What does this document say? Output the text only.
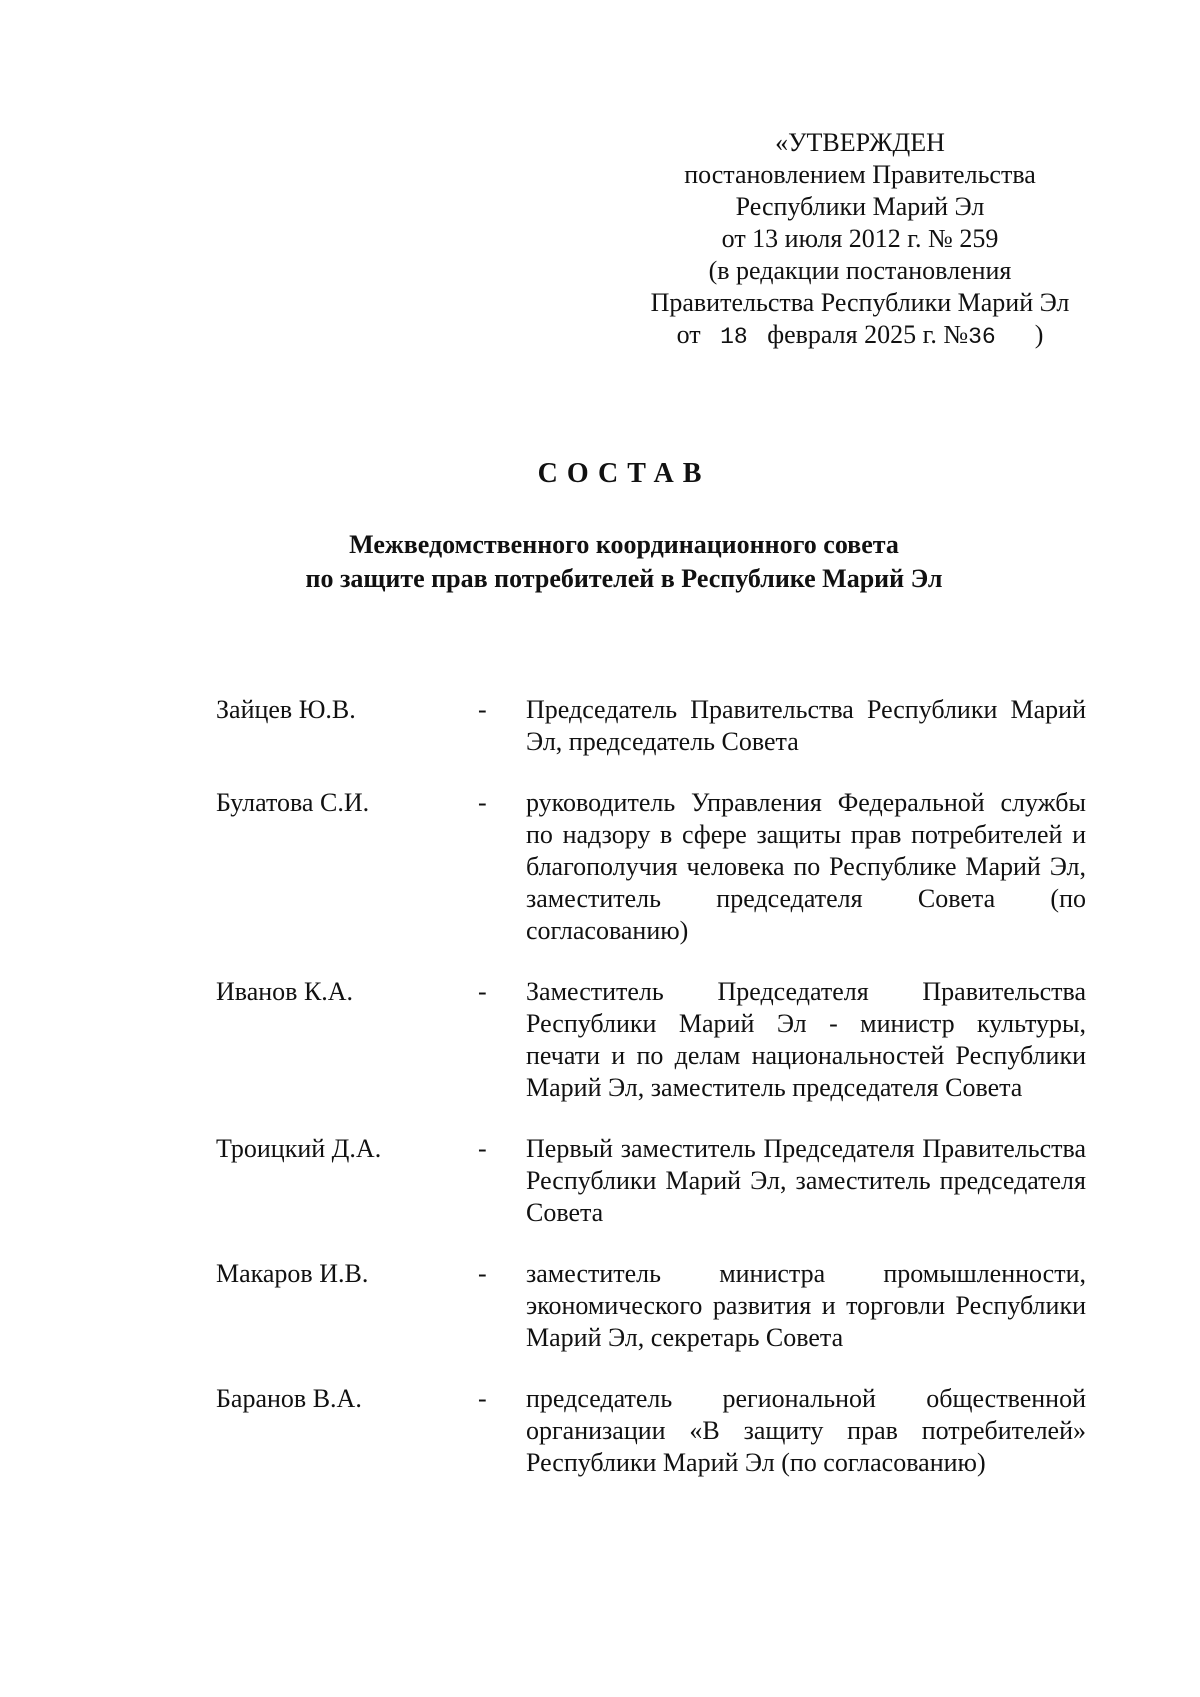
«УТВЕРЖДЕН
постановлением Правительства
Республики Марий Эл
от 13 июля 2012 г. № 259
(в редакции постановления
Правительства Республики Марий Эл
от 18 февраля 2025 г. №36 )
СОСТАВ
Межведомственного координационного совета
по защите прав потребителей в Республике Марий Эл
Зайцев Ю.В.	-	Председатель Правительства Республики Марий Эл, председатель Совета
Булатова С.И.	-	руководитель Управления Федеральной службы по надзору в сфере защиты прав потребителей и благополучия человека по Республике Марий Эл, заместитель председателя Совета (по согласованию)
Иванов К.А.	-	Заместитель Председателя Правительства Республики Марий Эл - министр культуры, печати и по делам национальностей Республики Марий Эл, заместитель председателя Совета
Троицкий Д.А.	-	Первый заместитель Председателя Правительства Республики Марий Эл, заместитель председателя Совета
Макаров И.В.	-	заместитель министра промышленности, экономического развития и торговли Республики Марий Эл, секретарь Совета
Баранов В.А.	-	председатель региональной общественной организации «В защиту прав потребителей» Республики Марий Эл (по согласованию)
